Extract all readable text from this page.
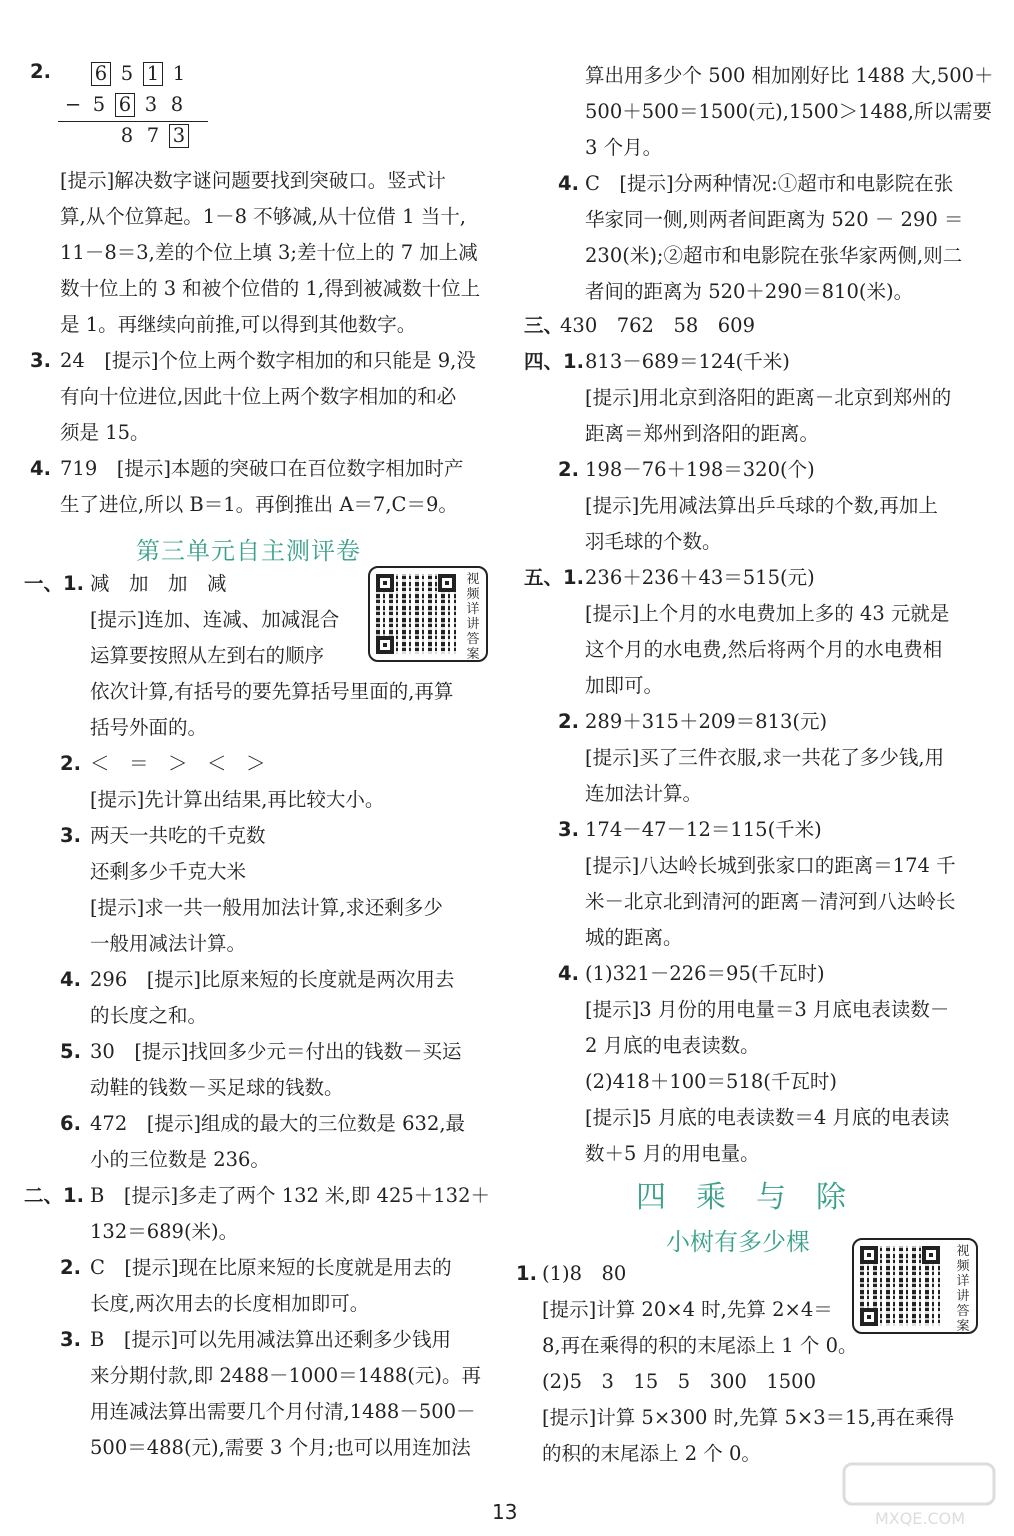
2.	6 5 1 1
− 5 6 3 8
8 7 3
[提示]解决数字谜问题要找到突破口。竖式计
算,从个位算起。1－8 不够减,从十位借 1 当十,
11－8＝3,差的个位上填 3;差十位上的 7 加上减
数十位上的 3 和被个位借的 1,得到被减数十位上
是 1。再继续向前推,可以得到其他数字。
3. 24　[提示]个位上两个数字相加的和只能是 9,没
有向十位进位,因此十位上两个数字相加的和必
须是 15。
4. 719　[提示]本题的突破口在百位数字相加时产
生了进位,所以 B＝1。再倒推出 A＝7,C＝9。
第三单元自主测评卷
一、1. 减　加　加　减
[提示]连加、连减、加减混合
运算要按照从左到右的顺序
依次计算,有括号的要先算括号里面的,再算
括号外面的。
视频详讲答案
2. ＜　＝　＞　＜　＞
[提示]先计算出结果,再比较大小。
3. 两天一共吃的千克数
还剩多少千克大米
[提示]求一共一般用加法计算,求还剩多少
一般用减法计算。
4. 296　[提示]比原来短的长度就是两次用去
的长度之和。
5. 30　[提示]找回多少元＝付出的钱数－买运
动鞋的钱数－买足球的钱数。
6. 472　[提示]组成的最大的三位数是 632,最
小的三位数是 236。
二、1. B　[提示]多走了两个 132 米,即 425＋132＋
132＝689(米)。
2. C　[提示]现在比原来短的长度就是用去的
长度,两次用去的长度相加即可。
3. B　[提示]可以先用减法算出还剩多少钱用
来分期付款,即 2488－1000＝1488(元)。再
用连减法算出需要几个月付清,1488－500－
500＝488(元),需要 3 个月;也可以用连加法
算出用多少个 500 相加刚好比 1488 大,500＋
500＋500＝1500(元),1500＞1488,所以需要
3 个月。
4. C　[提示]分两种情况:①超市和电影院在张
华家同一侧,则两者间距离为 520 － 290 ＝
230(米);②超市和电影院在张华家两侧,则二
者间的距离为 520＋290＝810(米)。
三、
430　762　58　609
四、1. 813－689＝124(千米)
[提示]用北京到洛阳的距离－北京到郑州的
距离＝郑州到洛阳的距离。
2. 198－76＋198＝320(个)
[提示]先用减法算出乒乓球的个数,再加上
羽毛球的个数。
五、1. 236＋236＋43＝515(元)
[提示]上个月的水电费加上多的 43 元就是
这个月的水电费,然后将两个月的水电费相
加即可。
2. 289＋315＋209＝813(元)
[提示]买了三件衣服,求一共花了多少钱,用
连加法计算。
3. 174－47－12＝115(千米)
[提示]八达岭长城到张家口的距离＝174 千
米－北京北到清河的距离－清河到八达岭长
城的距离。
4. (1)321－226＝95(千瓦时)
[提示]3 月份的用电量＝3 月底电表读数－
2 月底的电表读数。
(2)418＋100＝518(千瓦时)
[提示]5 月底的电表读数＝4 月底的电表读
数＋5 月的用电量。
四　乘　与　除
小树有多少棵	视频详讲答案
1. (1)8　80
[提示]计算 20×4 时,先算 2×4＝
8,再在乘得的积的末尾添上 1 个 0。
(2)5　3　15　5　300　1500
[提示]计算 5×300 时,先算 5×3＝15,再在乘得
的积的末尾添上 2 个 0。
13	MXQE.COM
